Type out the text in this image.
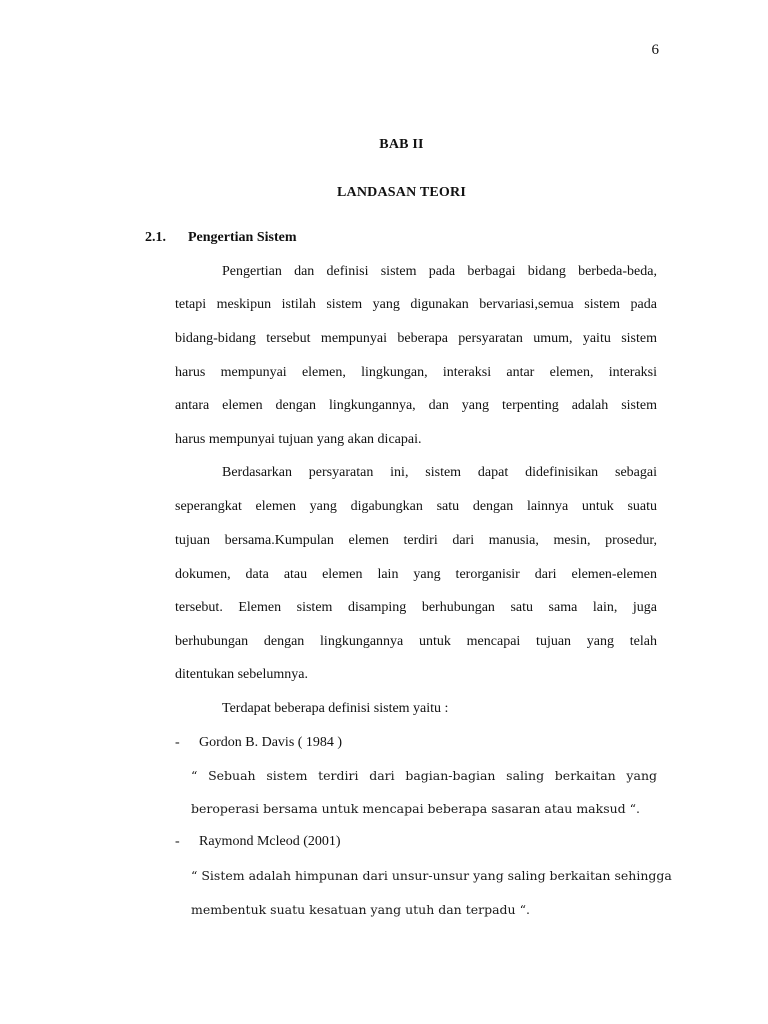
6
BAB II
LANDASAN TEORI
2.1. Pengertian Sistem
Pengertian dan definisi sistem pada berbagai bidang berbeda-beda,
tetapi meskipun istilah sistem yang digunakan bervariasi,semua sistem pada
bidang-bidang tersebut mempunyai beberapa persyaratan umum, yaitu sistem
harus mempunyai elemen, lingkungan, interaksi antar elemen, interaksi
antara elemen dengan lingkungannya, dan yang terpenting adalah sistem
harus mempunyai tujuan yang akan dicapai.
Berdasarkan persyaratan ini, sistem dapat didefinisikan sebagai
seperangkat elemen yang digabungkan satu dengan lainnya untuk suatu
tujuan bersama.Kumpulan elemen terdiri dari manusia, mesin, prosedur,
dokumen, data atau elemen lain yang terorganisir dari elemen-elemen
tersebut. Elemen sistem disamping berhubungan satu sama lain, juga
berhubungan dengan lingkungannya untuk mencapai tujuan yang telah
ditentukan sebelumnya.
Terdapat beberapa definisi sistem yaitu :
- Gordon B. Davis ( 1984 )
“ Sebuah sistem terdiri dari bagian-bagian saling berkaitan yang
beroperasi bersama untuk mencapai beberapa sasaran atau maksud “.
- Raymond Mcleod (2001)
“ Sistem adalah himpunan dari unsur-unsur yang saling berkaitan sehingga
membentuk suatu kesatuan yang utuh dan terpadu “.
